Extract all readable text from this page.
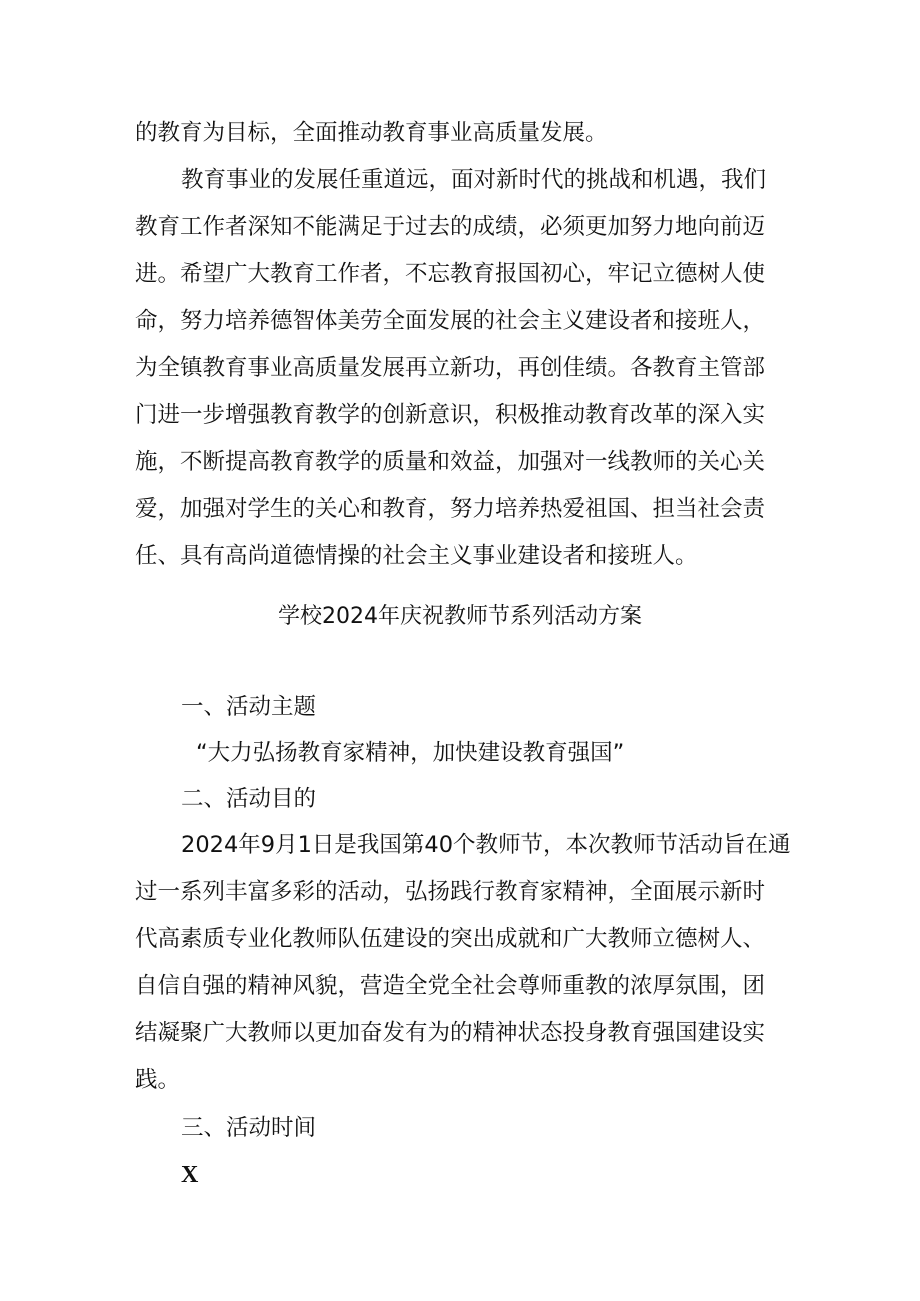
的教育为目标，全面推动教育事业高质量发展。
教育事业的发展任重道远，面对新时代的挑战和机遇，我们
教育工作者深知不能满足于过去的成绩，必须更加努力地向前迈
进。希望广大教育工作者，不忘教育报国初心，牢记立德树人使
命，努力培养德智体美劳全面发展的社会主义建设者和接班人，
为全镇教育事业高质量发展再立新功，再创佳绩。各教育主管部
门进一步增强教育教学的创新意识，积极推动教育改革的深入实
施，不断提高教育教学的质量和效益，加强对一线教师的关心关
爱，加强对学生的关心和教育，努力培养热爱祖国、担当社会责
任、具有高尚道德情操的社会主义事业建设者和接班人。
学校2024年庆祝教师节系列活动方案
一、活动主题
“大力弘扬教育家精神，加快建设教育强国”
二、活动目的
2024年9月1日是我国第40个教师节，本次教师节活动旨在通
过一系列丰富多彩的活动，弘扬践行教育家精神，全面展示新时
代高素质专业化教师队伍建设的突出成就和广大教师立德树人、
自信自强的精神风貌，营造全党全社会尊师重教的浓厚氛围，团
结凝聚广大教师以更加奋发有为的精神状态投身教育强国建设实
践。
三、活动时间
X
